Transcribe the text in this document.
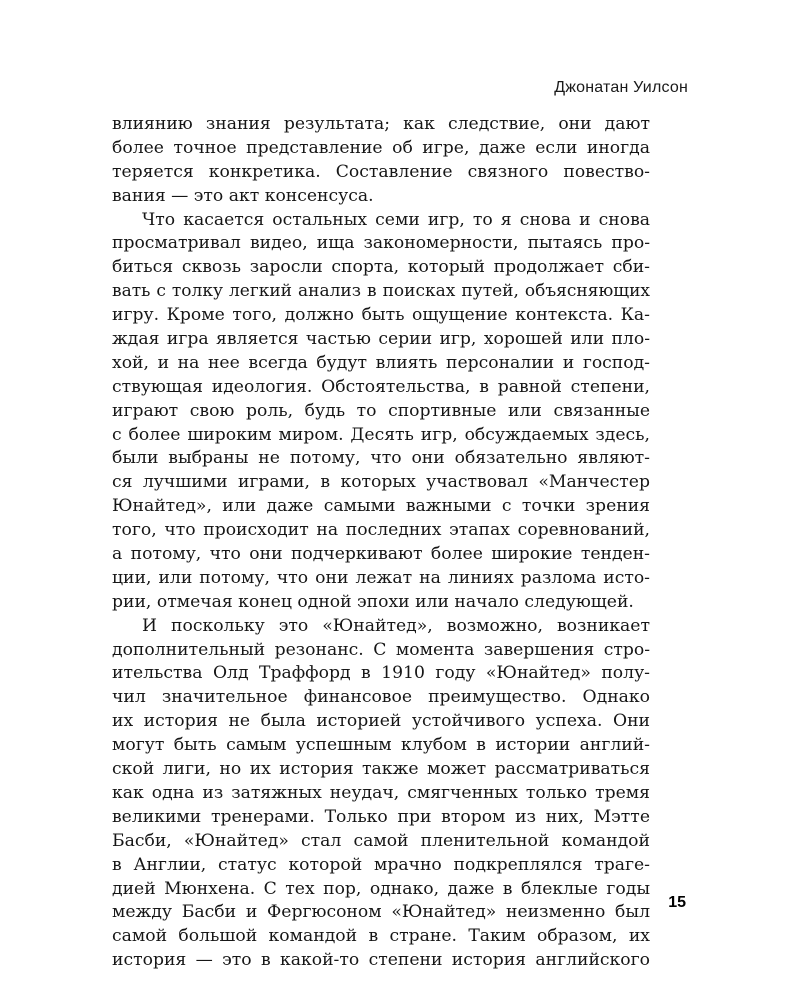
Джонатан Уилсон
влиянию знания результата; как следствие, они дают
более точное представление об игре, даже если иногда
теряется конкретика. Составление связного повество-
вания — это акт консенсуса.
Что касается остальных семи игр, то я снова и снова
просматривал видео, ища закономерности, пытаясь про-
биться сквозь заросли спорта, который продолжает сби-
вать с толку легкий анализ в поисках путей, объясняющих
игру. Кроме того, должно быть ощущение контекста. Ка-
ждая игра является частью серии игр, хорошей или пло-
хой, и на нее всегда будут влиять персоналии и господ-
ствующая идеология. Обстоятельства, в равной степени,
играют свою роль, будь то спортивные или связанные
с более широким миром. Десять игр, обсуждаемых здесь,
были выбраны не потому, что они обязательно являют-
ся лучшими играми, в которых участвовал «Манчестер
Юнайтед», или даже самыми важными с точки зрения
того, что происходит на последних этапах соревнований,
а потому, что они подчеркивают более широкие тенден-
ции, или потому, что они лежат на линиях разлома исто-
рии, отмечая конец одной эпохи или начало следующей.
И поскольку это «Юнайтед», возможно, возникает
дополнительный резонанс. С момента завершения стро-
ительства Олд Траффорд в 1910 году «Юнайтед» полу-
чил значительное финансовое преимущество. Однако
их история не была историей устойчивого успеха. Они
могут быть самым успешным клубом в истории англий-
ской лиги, но их история также может рассматриваться
как одна из затяжных неудач, смягченных только тремя
великими тренерами. Только при втором из них, Мэтте
Басби, «Юнайтед» стал самой пленительной командой
в Англии, статус которой мрачно подкреплялся траге-
дией Мюнхена. С тех пор, однако, даже в блеклые годы
между Басби и Фергюсоном «Юнайтед» неизменно был
самой большой командой в стране. Таким образом, их
история — это в какой-то степени история английского
15
